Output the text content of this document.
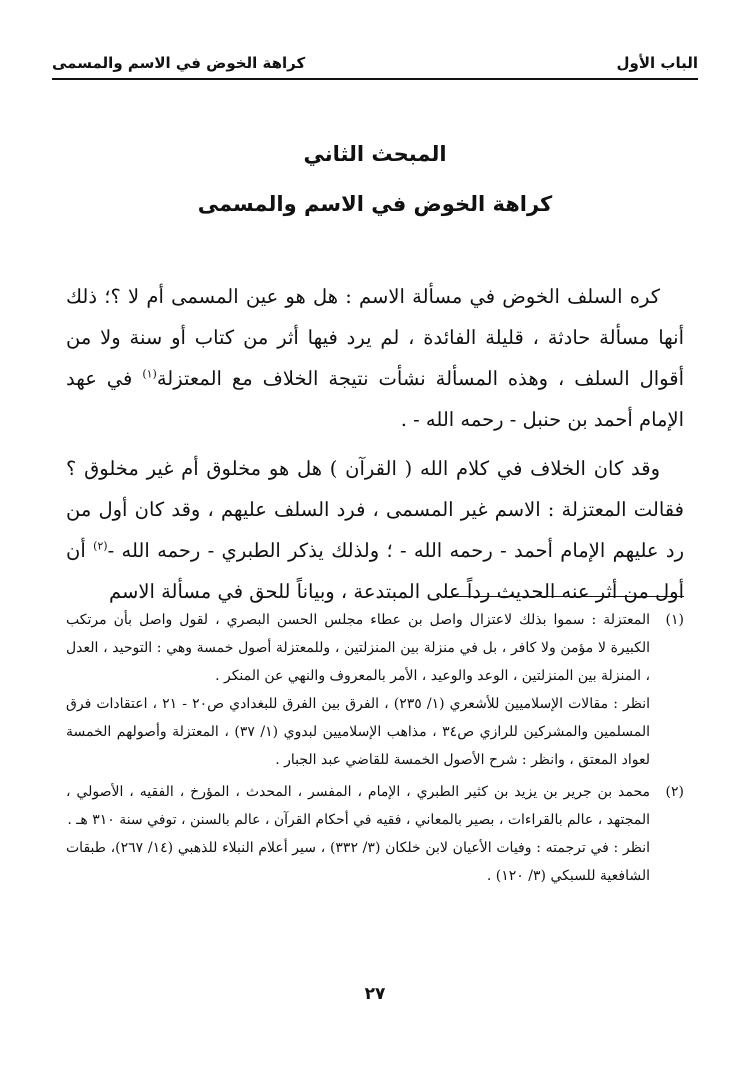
الباب الأول
كراهة الخوض في الاسم والمسمى
المبحث الثاني
كراهة الخوض في الاسم والمسمى

كره السلف الخوض في مسألة الاسم : هل هو عين المسمى أم لا ؟؛ ذلك أنها مسألة حادثة ، قليلة الفائدة ، لم يرد فيها أثر من كتاب أو سنة ولا من أقوال السلف ، وهذه المسألة نشأت نتيجة الخلاف مع المعتزلة$^{(١)}$ في عهد الإمام أحمد بن حنبل - رحمه الله - .

وقد كان الخلاف في كلام الله ( القرآن ) هل هو مخلوق أم غير مخلوق ؟ فقالت المعتزلة : الاسم غير المسمى ، فرد السلف عليهم ، وقد كان أول من رد عليهم الإمام أحمد - رحمه الله - ؛ ولذلك يذكر الطبري - رحمه الله -$^{(٢)}$ أن أول من أثر عنه الحديث رداً على المبتدعة ، وبياناً للحق في مسألة الاسم

(١)
المعتزلة : سموا بذلك لاعتزال واصل بن عطاء مجلس الحسن البصري ، لقول واصل بأن مرتكب الكبيرة لا مؤمن ولا كافر ، بل في منزلة بين المنزلتين ، وللمعتزلة أصول خمسة وهي : التوحيد ، العدل ، المنزلة بين المنزلتين ، الوعد والوعيد ، الأمر بالمعروف والنهي عن المنكر .
انظر : مقالات الإسلاميين للأشعري (١/ ٢٣٥) ، الفرق بين الفرق للبغدادي ص٢٠ - ٢١ ، اعتقادات فرق المسلمين والمشركين للرازي ص٣٤ ، مذاهب الإسلاميين لبدوي (١/ ٣٧) ، المعتزلة وأصولهم الخمسة لعواد المعتق ، وانظر : شرح الأصول الخمسة للقاضي عبد الجبار .
(٢)
محمد بن جرير بن يزيد بن كثير الطبري ، الإمام ، المفسر ، المحدث ، المؤرخ ، الفقيه ، الأصولي ، المجتهد ، عالم بالقراءات ، بصير بالمعاني ، فقيه في أحكام القرآن ، عالم بالسنن ، توفي سنة ٣١٠ هـ .
انظر : في ترجمته : وفيات الأعيان لابن خلكان (٣/ ٣٣٢) ، سير أعلام النبلاء للذهبي (١٤/ ٢٦٧)، طبقات الشافعية للسبكي (٣/ ١٢٠) .
٢٧
